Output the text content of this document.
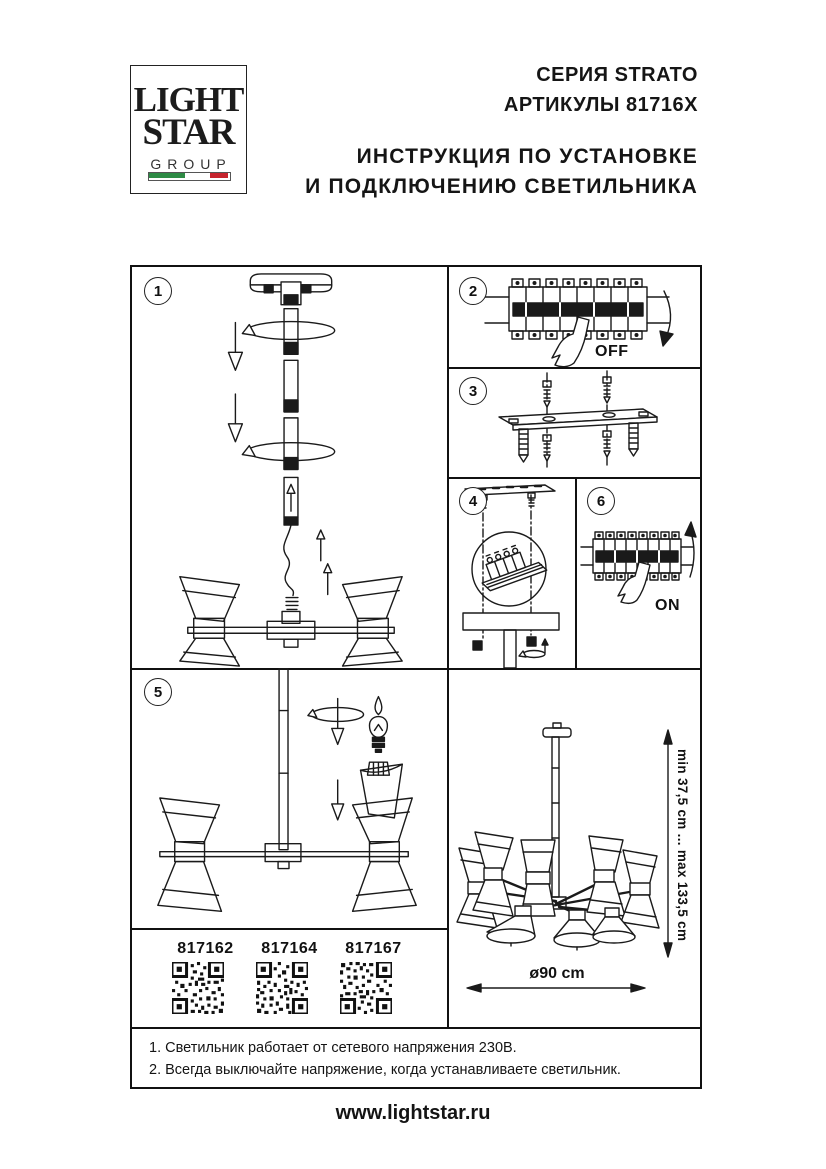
LIGHT
STAR
GROUP
СЕРИЯ STRATO
АРТИКУЛЫ 81716X
ИНСТРУКЦИЯ ПО УСТАНОВКЕ
И ПОДКЛЮЧЕНИЮ СВЕТИЛЬНИКА
1	2
OFF
3
4	6
ON
5
817162	817164	817167
min 37,5 cm ... max 133,5 cm
ø90 cm
1. Светильник работает от сетевого напряжения 230В.
2. Всегда выключайте напряжение, когда устанавливаете светильник.
www.lightstar.ru
